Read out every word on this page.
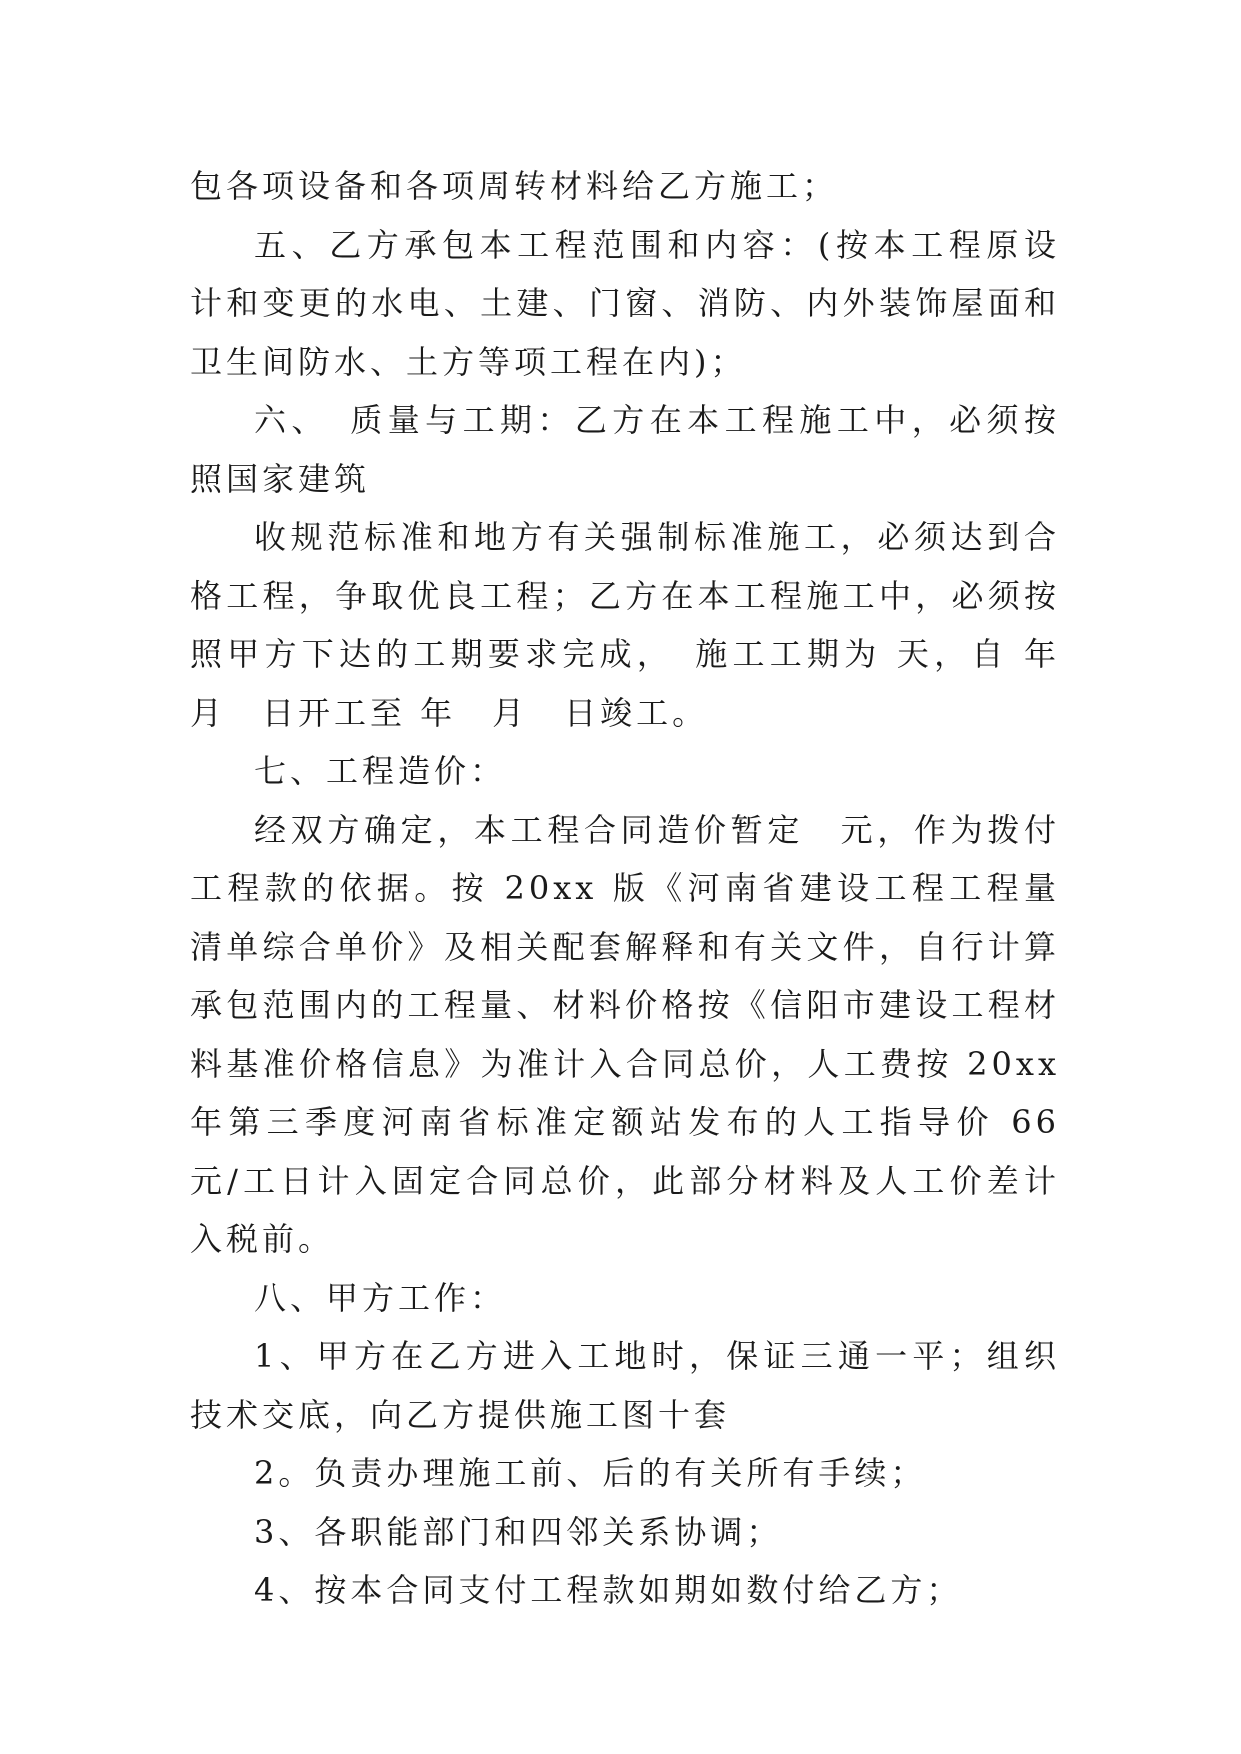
包各项设备和各项周转材料给乙方施工；

五、乙方承包本工程范围和内容：(按本工程原设计和变更的水电、土建、门窗、消防、内外装饰屋面和卫生间防水、土方等项工程在内)；

六、　质量与工期：乙方在本工程施工中，必须按照国家建筑

收规范标准和地方有关强制标准施工，必须达到合格工程，争取优良工程；乙方在本工程施工中，必须按照甲方下达的工期要求完成，　施工工期为 天，自 年　月　日开工至 年　月　日竣工。

七、工程造价：

经双方确定，本工程合同造价暂定　元，作为拨付工程款的依据。按 20xx 版《河南省建设工程工程量清单综合单价》及相关配套解释和有关文件，自行计算承包范围内的工程量、材料价格按《信阳市建设工程材料基准价格信息》为准计入合同总价，人工费按 20xx 年第三季度河南省标准定额站发布的人工指导价 66　元/工日计入固定合同总价，此部分材料及人工价差计入税前。

八、甲方工作：

1、甲方在乙方进入工地时，保证三通一平；组织技术交底，向乙方提供施工图十套

2。负责办理施工前、后的有关所有手续；

3、各职能部门和四邻关系协调；

4、按本合同支付工程款如期如数付给乙方；
